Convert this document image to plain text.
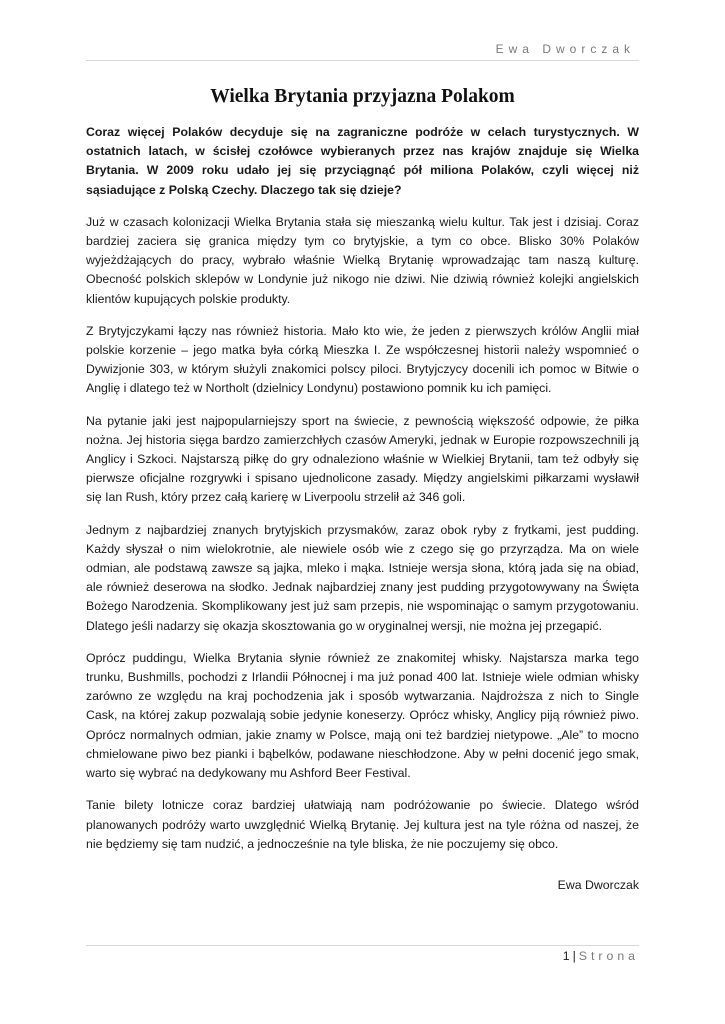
Ewa Dworczak
Wielka Brytania przyjazna Polakom

Coraz więcej Polaków decyduje się na zagraniczne podróże w celach turystycznych. W ostatnich latach, w ścisłej czołówce wybieranych przez nas krajów znajduje się Wielka Brytania. W 2009 roku udało jej się przyciągnąć pół miliona Polaków, czyli więcej niż sąsiadujące z Polską Czechy. Dlaczego tak się dzieje?

Już w czasach kolonizacji Wielka Brytania stała się mieszanką wielu kultur. Tak jest i dzisiaj. Coraz bardziej zaciera się granica między tym co brytyjskie, a tym co obce. Blisko 30% Polaków wyjeżdżających do pracy, wybrało właśnie Wielką Brytanię wprowadzając tam naszą kulturę. Obecność polskich sklepów w Londynie już nikogo nie dziwi. Nie dziwią również kolejki angielskich klientów kupujących polskie produkty.

Z Brytyjczykami łączy nas również historia. Mało kto wie, że jeden z pierwszych królów Anglii miał polskie korzenie – jego matka była córką Mieszka I. Ze współczesnej historii należy wspomnieć o Dywizjonie 303, w którym służyli znakomici polscy piloci. Brytyjczycy docenili ich pomoc w Bitwie o Anglię i dlatego też w Northolt (dzielnicy Londynu) postawiono pomnik ku ich pamięci.

Na pytanie jaki jest najpopularniejszy sport na świecie, z pewnością większość odpowie, że piłka nożna. Jej historia sięga bardzo zamierzchłych czasów Ameryki, jednak w Europie rozpowszechnili ją Anglicy i Szkoci. Najstarszą piłkę do gry odnaleziono właśnie w Wielkiej Brytanii, tam też odbyły się pierwsze oficjalne rozgrywki i spisano ujednolicone zasady. Między angielskimi piłkarzami wysławił się Ian Rush, który przez całą karierę w Liverpoolu strzelił aż 346 goli.

Jednym z najbardziej znanych brytyjskich przysmaków, zaraz obok ryby z frytkami, jest pudding. Każdy słyszał o nim wielokrotnie, ale niewiele osób wie z czego się go przyrządza. Ma on wiele odmian, ale podstawą zawsze są jajka, mleko i mąka. Istnieje wersja słona, którą jada się na obiad, ale również deserowa na słodko. Jednak najbardziej znany jest pudding przygotowywany na Święta Bożego Narodzenia. Skomplikowany jest już sam przepis, nie wspominając o samym przygotowaniu. Dlatego jeśli nadarzy się okazja skosztowania go w oryginalnej wersji, nie można jej przegapić.

Oprócz puddingu, Wielka Brytania słynie również ze znakomitej whisky. Najstarsza marka tego trunku, Bushmills, pochodzi z Irlandii Północnej i ma już ponad 400 lat. Istnieje wiele odmian whisky zarówno ze względu na kraj pochodzenia jak i sposób wytwarzania. Najdroższa z nich to Single Cask, na której zakup pozwalają sobie jedynie koneserzy. Oprócz whisky, Anglicy piją również piwo. Oprócz normalnych odmian, jakie znamy w Polsce, mają oni też bardziej nietypowe. „Ale” to mocno chmielowane piwo bez pianki i bąbelków, podawane nieschłodzone. Aby w pełni docenić jego smak, warto się wybrać na dedykowany mu Ashford Beer Festival.

Tanie bilety lotnicze coraz bardziej ułatwiają nam podróżowanie po świecie. Dlatego wśród planowanych podróży warto uwzględnić Wielką Brytanię. Jej kultura jest na tyle różna od naszej, że nie będziemy się tam nudzić, a jednocześnie na tyle bliska, że nie poczujemy się obco.

Ewa Dworczak
1 | Strona
